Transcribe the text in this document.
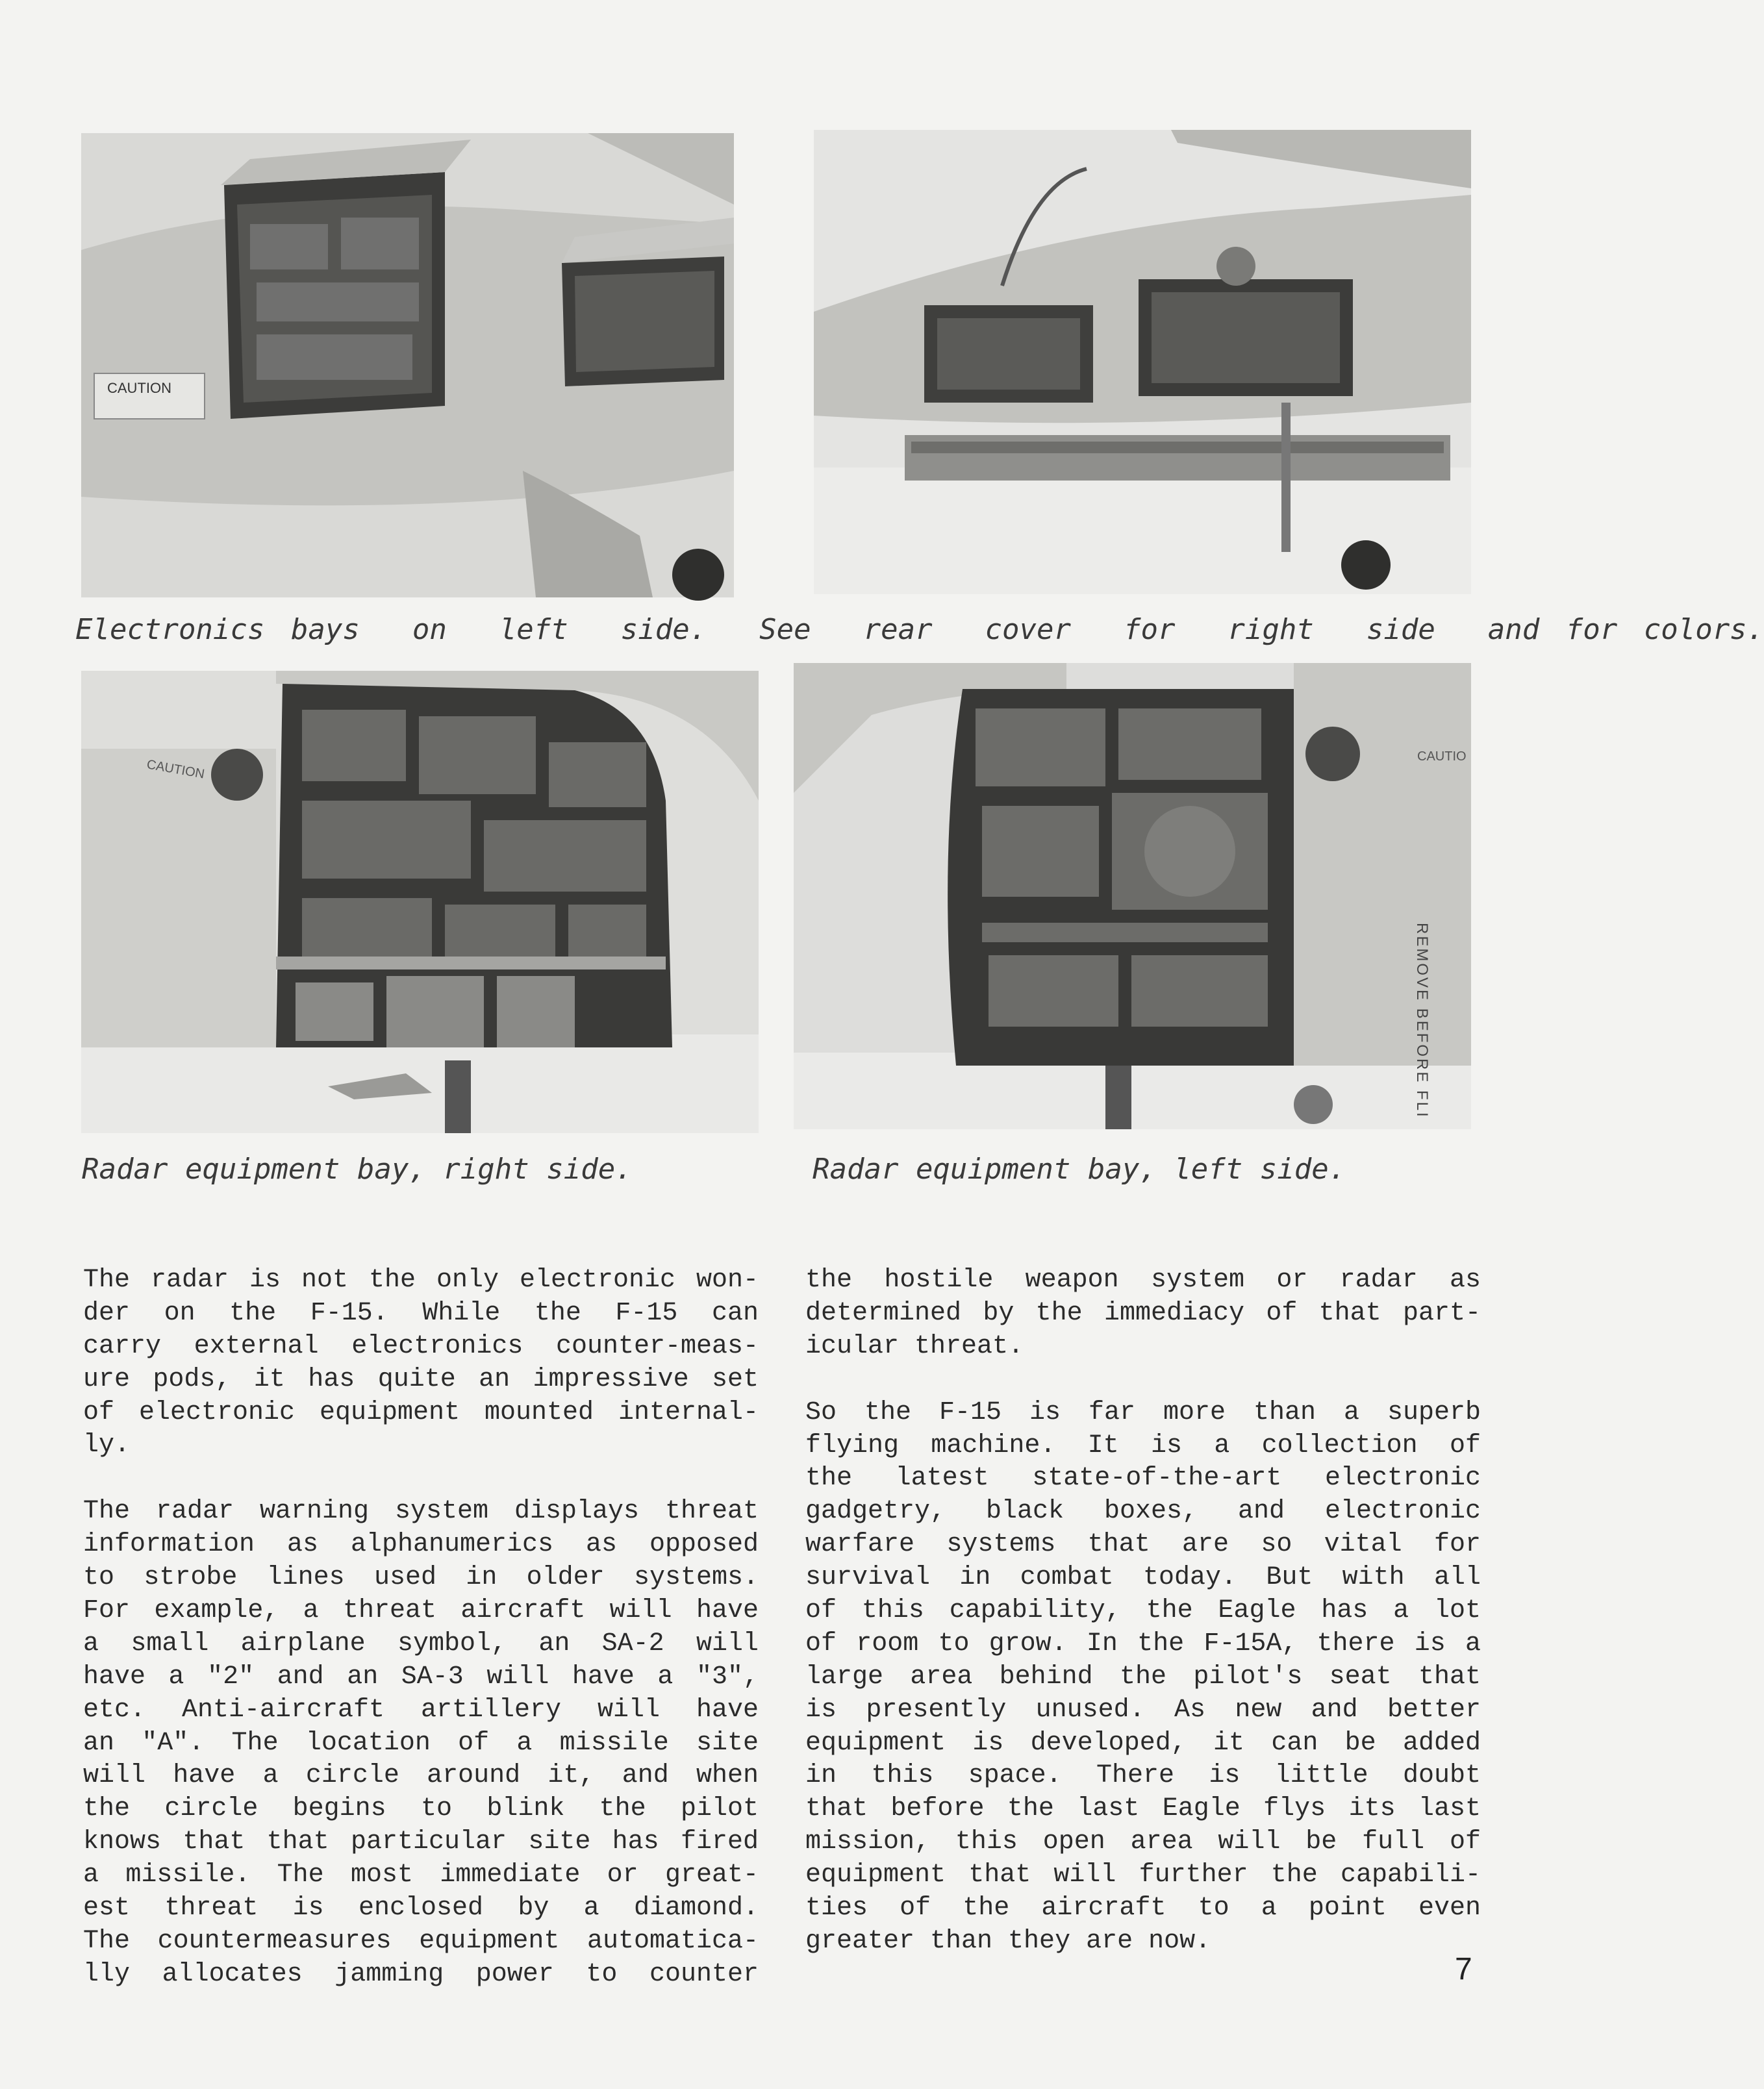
CAUTION
Electronics bays  on  left  side.  See  rear  cover  for  right  side  and for colors.
CAUTION
CAUTIO
REMOVE BEFORE FLI
Radar equipment bay, right side.	Radar equipment bay, left side.

The radar is not the only electronic won-
der on the F-15. While the F-15 can
carry external electronics counter-meas-
ure pods, it has quite an impressive set
of electronic equipment mounted internal-
ly.

The radar warning system displays threat
information as alphanumerics as opposed
to strobe lines used in older systems.
For example, a threat aircraft will have
a small airplane symbol, an SA-2 will
have a "2" and an SA-3 will have a "3",
etc. Anti-aircraft artillery will have
an "A". The location of a missile site
will have a circle around it, and when
the circle begins to blink the pilot
knows that that particular site has fired
a missile. The most immediate or great-
est threat is enclosed by a diamond.
The countermeasures equipment automatica-
lly allocates jamming power to counter

the hostile weapon system or radar as
determined by the immediacy of that part-
icular threat.

So the F-15 is far more than a superb
flying machine. It is a collection of
the latest state-of-the-art electronic
gadgetry, black boxes, and electronic
warfare systems that are so vital for
survival in combat today. But with all
of this capability, the Eagle has a lot
of room to grow. In the F-15A, there is a
large area behind the pilot's seat that
is presently unused. As new and better
equipment is developed, it can be added
in this space. There is little doubt
that before the last Eagle flys its last
mission, this open area will be full of
equipment that will further the capabili-
ties of the aircraft to a point even
greater than they are now.

7
